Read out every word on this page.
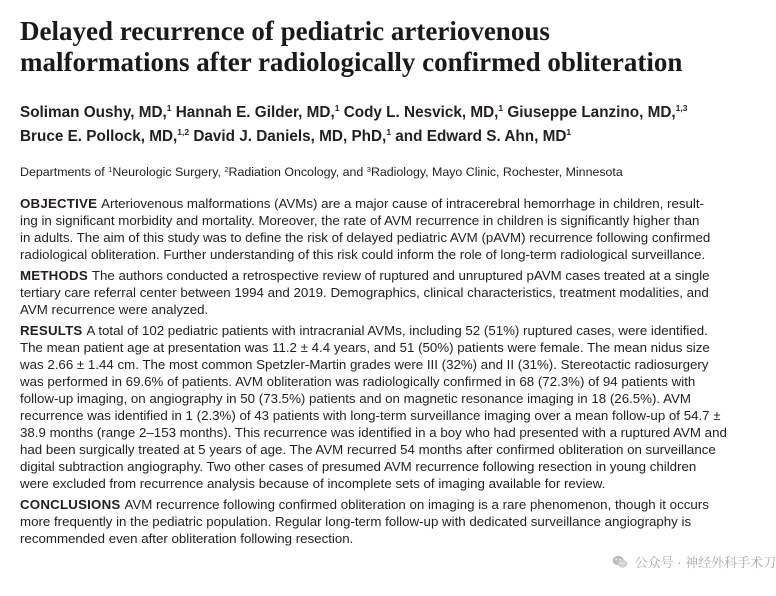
Delayed recurrence of pediatric arteriovenous
malformations after radiologically confirmed obliteration
Soliman Oushy, MD,$^1$ Hannah E. Gilder, MD,$^1$ Cody L. Nesvick, MD,$^1$ Giuseppe Lanzino, MD,$^{1,3}$
Bruce E. Pollock, MD,$^{1,2}$ David J. Daniels, MD, PhD,$^1$ and Edward S. Ahn, $MD^1$
Departments of $^1$Neurologic Surgery, $^2$Radiation Oncology, and $^3$Radiology, Mayo Clinic, Rochester, Minnesota
OBJECTIVE Arteriovenous malformations (AVMs) are a major cause of intracerebral hemorrhage in children, result-
ing in significant morbidity and mortality. Moreover, the rate of AVM recurrence in children is significantly higher than
in adults. The aim of this study was to define the risk of delayed pediatric AVM (pAVM) recurrence following confirmed
radiological obliteration. Further understanding of this risk could inform the role of long-term radiological surveillance.
METHODS The authors conducted a retrospective review of ruptured and unruptured pAVM cases treated at a single
tertiary care referral center between 1994 and 2019. Demographics, clinical characteristics, treatment modalities, and
AVM recurrence were analyzed.
RESULTS A total of 102 pediatric patients with intracranial AVMs, including 52 (51%) ruptured cases, were identified.
The mean patient age at presentation was 11.2 ± 4.4 years, and 51 (50%) patients were female. The mean nidus size
was 2.66 ± 1.44 cm. The most common Spetzler-Martin grades were III (32%) and II (31%). Stereotactic radiosurgery
was performed in 69.6% of patients. AVM obliteration was radiologically confirmed in 68 (72.3%) of 94 patients with
follow-up imaging, on angiography in 50 (73.5%) patients and on magnetic resonance imaging in 18 (26.5%). AVM
recurrence was identified in 1 (2.3%) of 43 patients with long-term surveillance imaging over a mean follow-up of 54.7 ±
38.9 months (range 2–153 months). This recurrence was identified in a boy who had presented with a ruptured AVM and
had been surgically treated at 5 years of age. The AVM recurred 54 months after confirmed obliteration on surveillance
digital subtraction angiography. Two other cases of presumed AVM recurrence following resection in young children
were excluded from recurrence analysis because of incomplete sets of imaging available for review.
CONCLUSIONS AVM recurrence following confirmed obliteration on imaging is a rare phenomenon, though it occurs
more frequently in the pediatric population. Regular long-term follow-up with dedicated surveillance angiography is
recommended even after obliteration following resection.
公众号 · 神经外科手术刀
